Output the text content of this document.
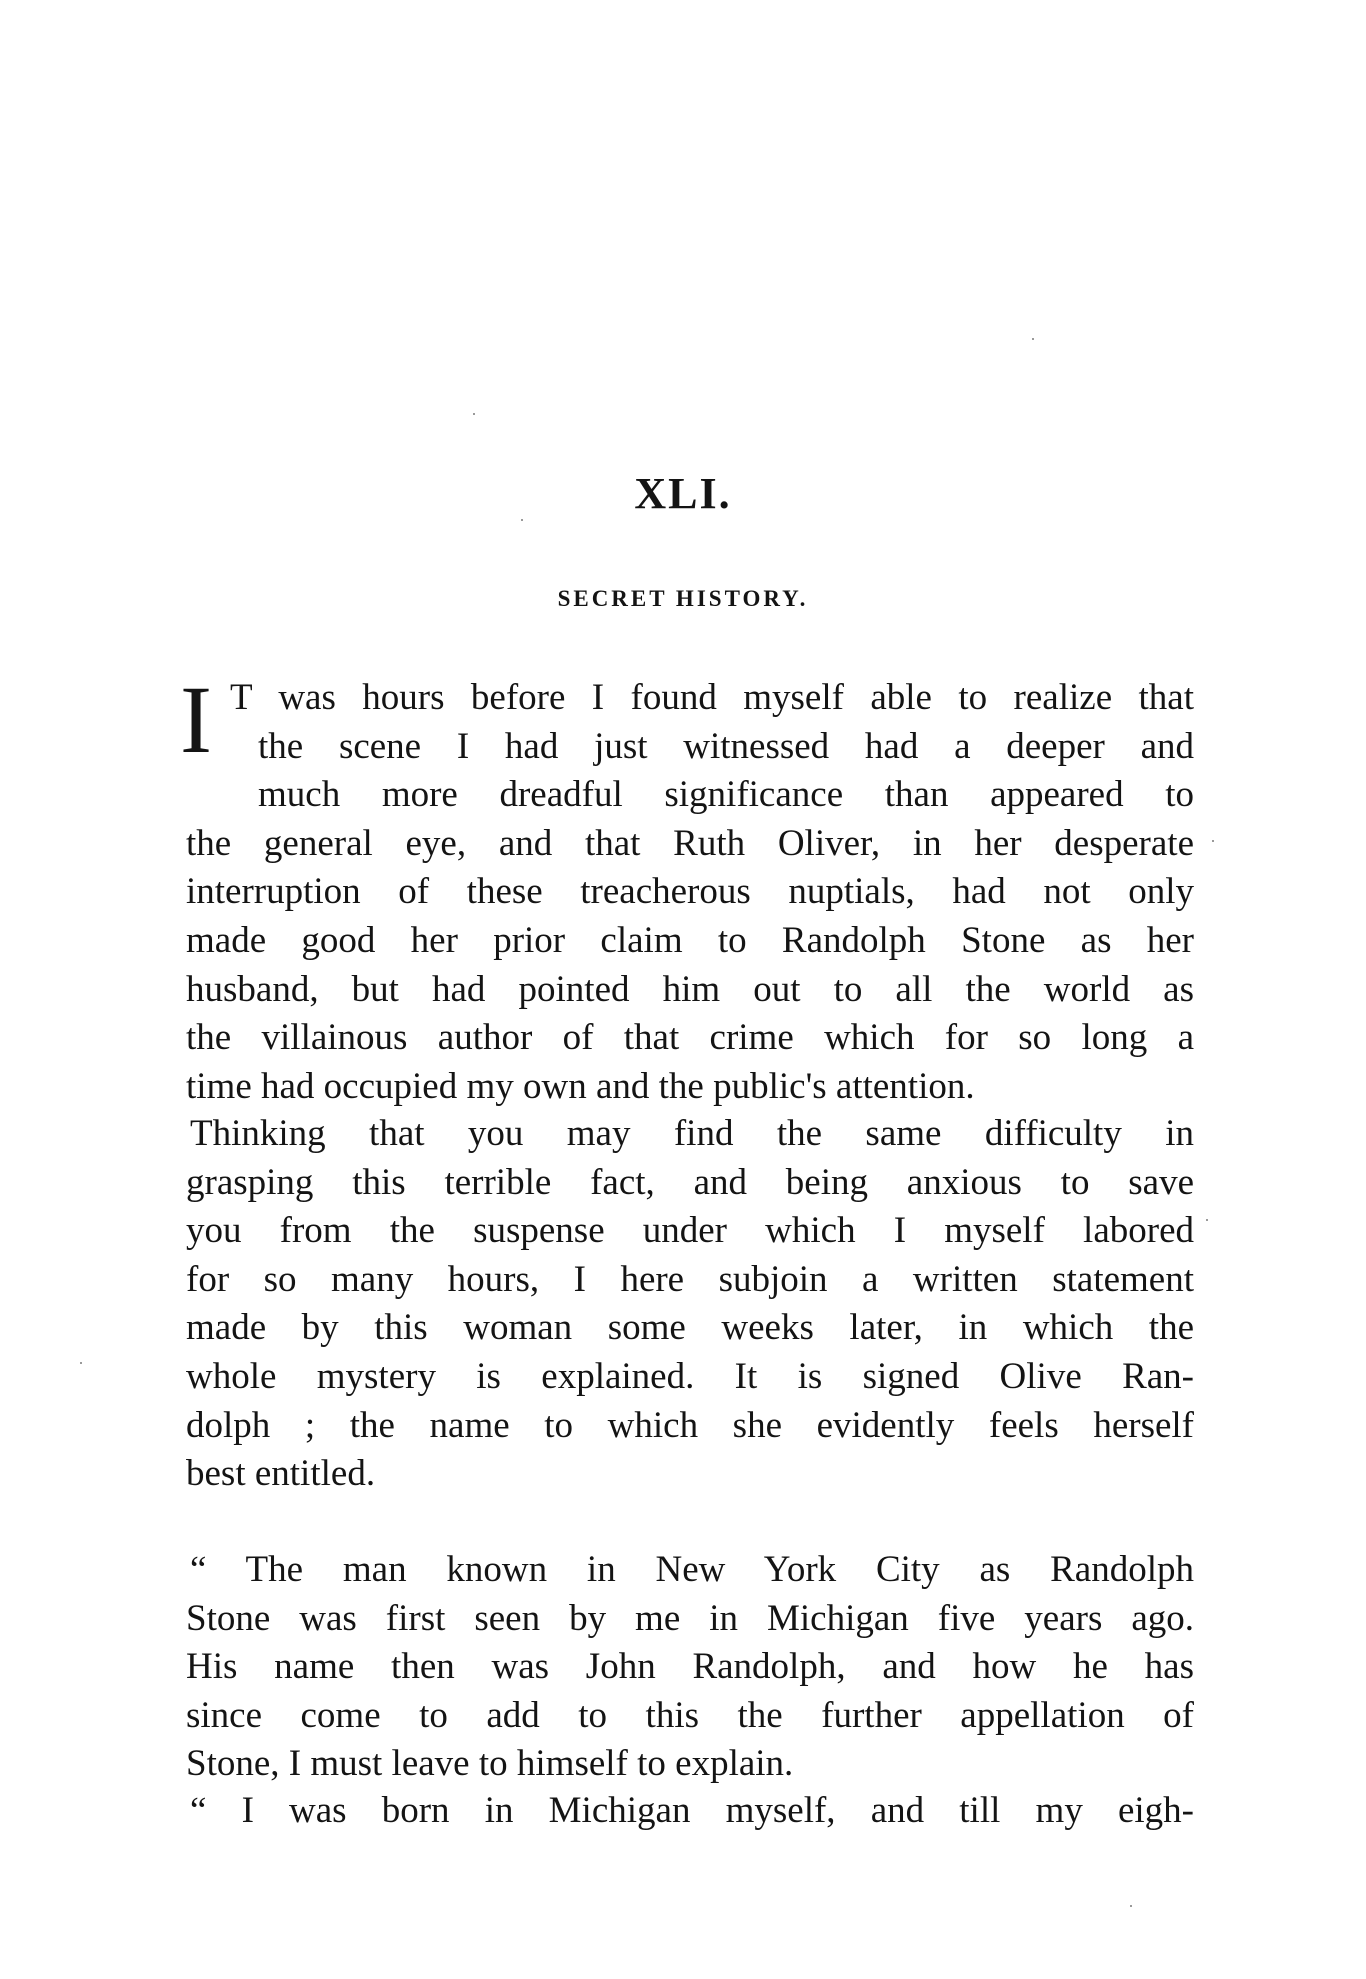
XLI.
SECRET HISTORY.
I T was hours before I found myself able to realize that
the scene I had just witnessed had a deeper and
much more dreadful significance than appeared to
the general eye, and that Ruth Oliver, in her desperate
interruption of these treacherous nuptials, had not only
made good her prior claim to Randolph Stone as her
husband, but had pointed him out to all the world as
the villainous author of that crime which for so long a
time had occupied my own and the public's attention.
Thinking that you may find the same difficulty in
grasping this terrible fact, and being anxious to save
you from the suspense under which I myself labored
for so many hours, I here subjoin a written statement
made by this woman some weeks later, in which the
whole mystery is explained. It is signed Olive Ran-
dolph ; the name to which she evidently feels herself
best entitled.
“ The man known in New York City as Randolph
Stone was first seen by me in Michigan five years ago.
His name then was John Randolph, and how he has
since come to add to this the further appellation of
Stone, I must leave to himself to explain.
“ I was born in Michigan myself, and till my eigh-
